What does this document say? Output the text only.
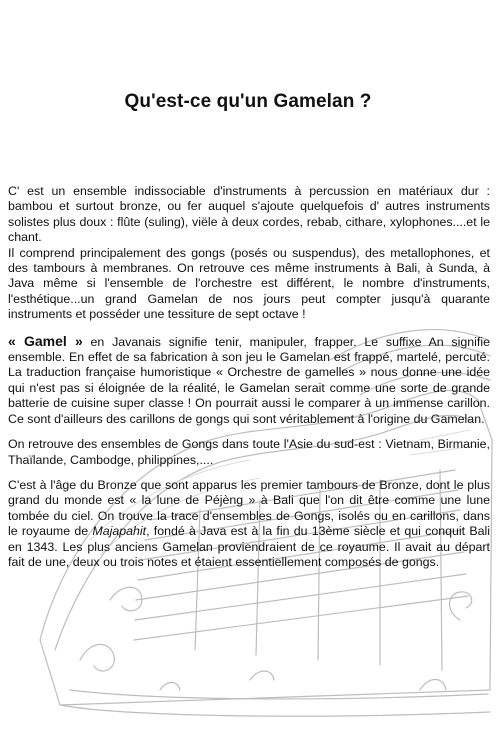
Qu'est-ce qu'un Gamelan ?

C' est un ensemble indissociable d'instruments à percussion en matériaux dur : bambou et surtout bronze, ou fer auquel s'ajoute quelquefois d' autres instruments solistes plus doux : flûte (suling), viële à deux cordes, rebab, cithare, xylophones....et le chant.

Il comprend principalement des gongs (posés ou suspendus), des metallophones, et des tambours à membranes. On retrouve ces même instruments à Bali, à Sunda, à Java même si l'ensemble de l'orchestre est différent, le nombre d'instruments, l'esthétique...un grand Gamelan de nos jours peut compter jusqu'à quarante instruments et posséder une tessiture de sept octave !

« Gamel » en Javanais signifie tenir, manipuler, frapper. Le suffixe An signifie ensemble. En effet de sa fabrication à son jeu le Gamelan est frappé, martelé, percuté. La traduction française humoristique « Orchestre de gamelles » nous donne une idée qui n'est pas si éloignée de la réalité, le Gamelan serait comme une sorte de grande batterie de cuisine super classe ! On pourrait aussi le comparer à un immense carillon. Ce sont d'ailleurs des carillons de gongs qui sont véritablement à l'origine du Gamelan.

On retrouve des ensembles de Gongs dans toute l'Asie du sud-est : Vietnam, Birmanie, Thaïlande, Cambodge, philippines,....

C'est à l'âge du Bronze que sont apparus les premier tambours de Bronze, dont le plus grand du monde est « la lune de Péjèng » à Bali que l'on dit être comme une lune tombée du ciel. On trouve la trace d'ensembles de Gongs, isolés ou en carillons, dans le royaume de Majapahit, fondé à Java est à la fin du 13ème siècle et qui conquit Bali en 1343. Les plus anciens Gamelan proviendraient de ce royaume. Il avait au départ fait de une, deux ou trois notes et étaient essentiellement composés de gongs.
